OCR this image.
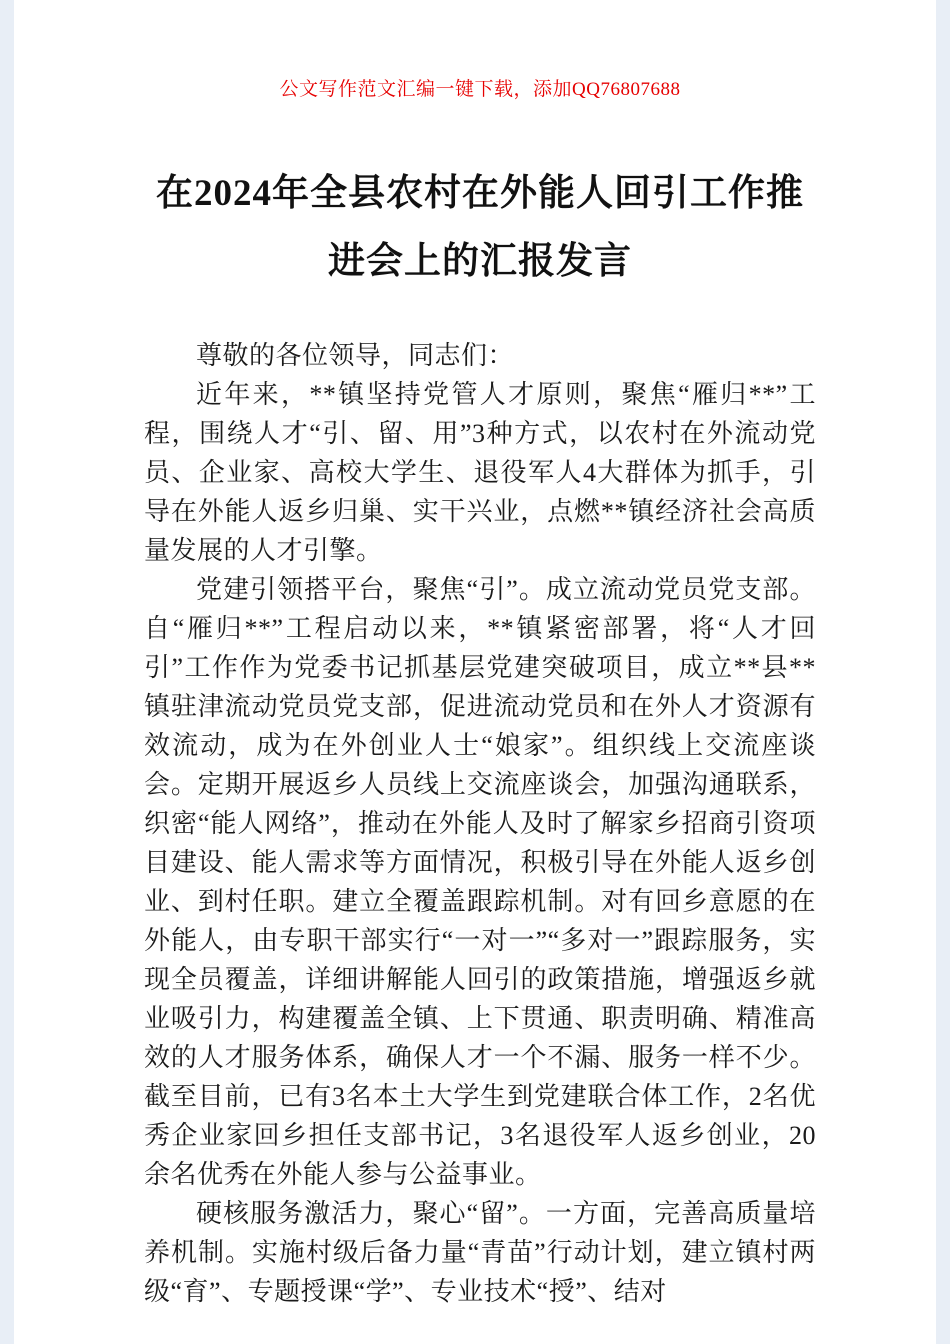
公文写作范文汇编一键下载，添加QQ76807688
在2024年全县农村在外能人回引工作推进会上的汇报发言

尊敬的各位领导，同志们：

近年来，**镇坚持党管人才原则，聚焦“雁归**”工程，围绕人才“引、留、用”3种方式，以农村在外流动党员、企业家、高校大学生、退役军人4大群体为抓手，引导在外能人返乡归巢、实干兴业，点燃**镇经济社会高质量发展的人才引擎。

党建引领搭平台，聚焦“引”。成立流动党员党支部。自“雁归**”工程启动以来，**镇紧密部署，将“人才回引”工作作为党委书记抓基层党建突破项目，成立**县**镇驻津流动党员党支部，促进流动党员和在外人才资源有效流动，成为在外创业人士“娘家”。组织线上交流座谈会。定期开展返乡人员线上交流座谈会，加强沟通联系，织密“能人网络”，推动在外能人及时了解家乡招商引资项目建设、能人需求等方面情况，积极引导在外能人返乡创业、到村任职。建立全覆盖跟踪机制。对有回乡意愿的在外能人，由专职干部实行“一对一”“多对一”跟踪服务，实现全员覆盖，详细讲解能人回引的政策措施，增强返乡就业吸引力，构建覆盖全镇、上下贯通、职责明确、精准高效的人才服务体系，确保人才一个不漏、服务一样不少。截至目前，已有3名本土大学生到党建联合体工作，2名优秀企业家回乡担任支部书记，3名退役军人返乡创业，20余名优秀在外能人参与公益事业。

硬核服务激活力，聚心“留”。一方面，完善高质量培养机制。实施村级后备力量“青苗”行动计划，建立镇村两级“育”、专题授课“学”、专业技术“授”、结对
